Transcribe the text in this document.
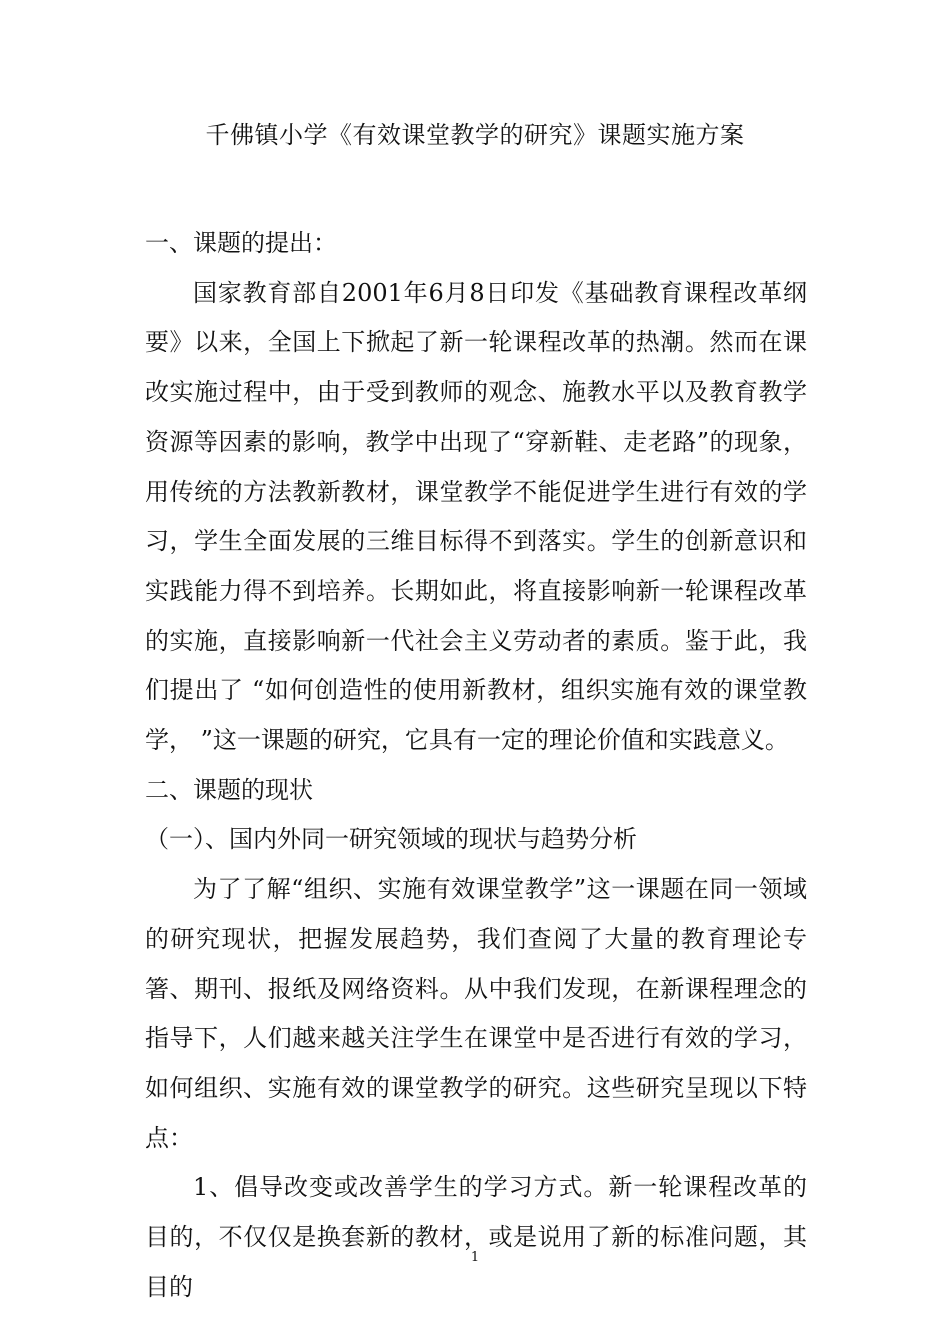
千佛镇小学《有效课堂教学的研究》课题实施方案

一、课题的提出：

国家教育部自2001年6月8日印发《基础教育课程改革纲要》以来，全国上下掀起了新一轮课程改革的热潮。然而在课改实施过程中，由于受到教师的观念、施教水平以及教育教学资源等因素的影响，教学中出现了“穿新鞋、走老路”的现象，用传统的方法教新教材，课堂教学不能促进学生进行有效的学习，学生全面发展的三维目标得不到落实。学生的创新意识和实践能力得不到培养。长期如此，将直接影响新一轮课程改革的实施，直接影响新一代社会主义劳动者的素质。鉴于此，我们提出了 “如何创造性的使用新教材，组织实施有效的课堂教学， ”这一课题的研究，它具有一定的理论价值和实践意义。

二、课题的现状

（一）、国内外同一研究领域的现状与趋势分析

为了了解“组织、实施有效课堂教学”这一课题在同一领域的研究现状，把握发展趋势，我们查阅了大量的教育理论专箸、期刊、报纸及网络资料。从中我们发现，在新课程理念的指导下，人们越来越关注学生在课堂中是否进行有效的学习，如何组织、实施有效的课堂教学的研究。这些研究呈现以下特点：

1、倡导改变或改善学生的学习方式。新一轮课程改革的目的，不仅仅是换套新的教材，或是说用了新的标准问题，其目的

1
